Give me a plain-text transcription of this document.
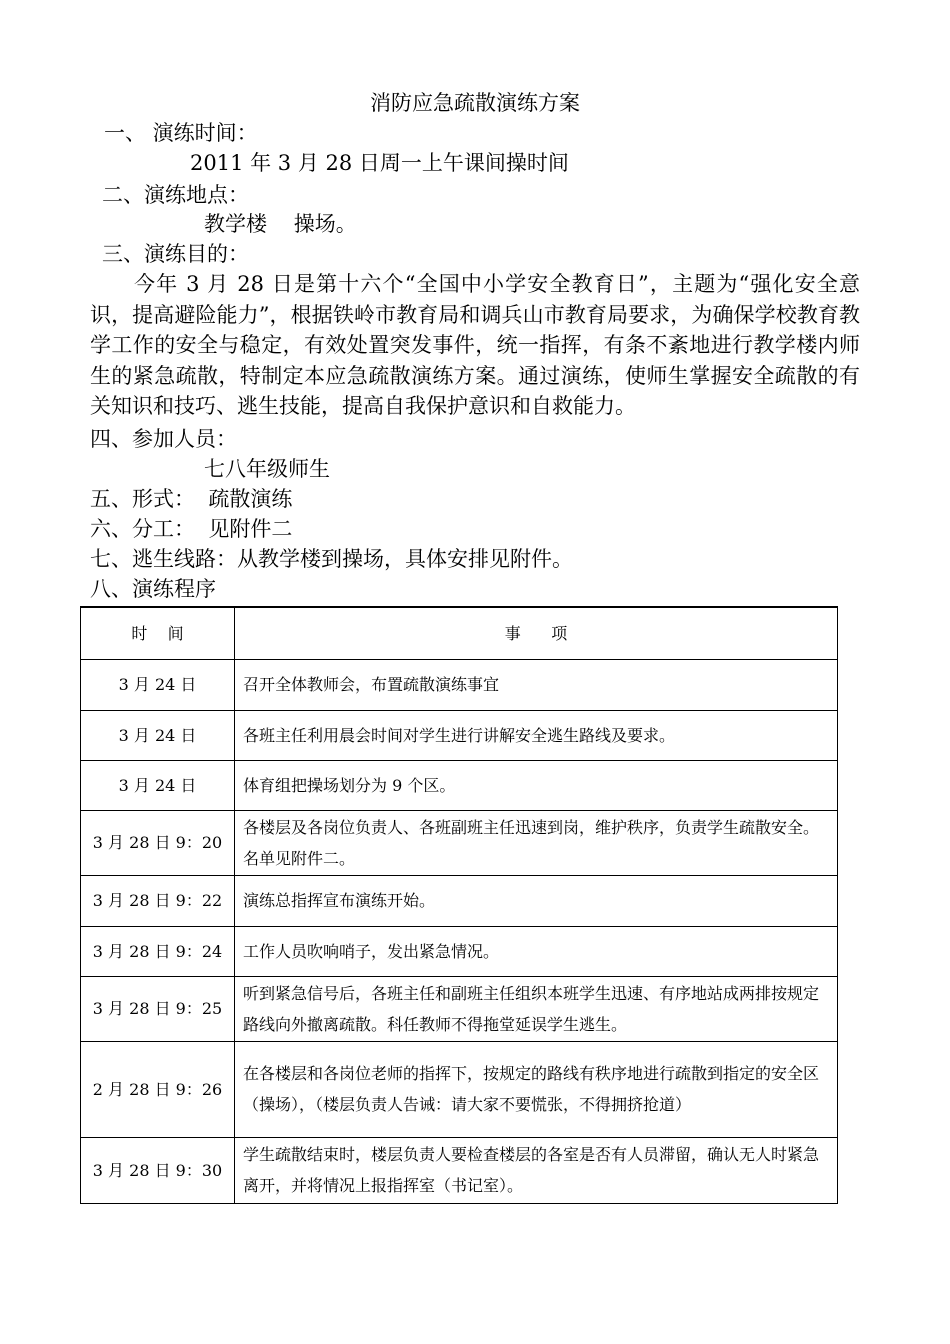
消防应急疏散演练方案
一、 演练时间：
2011 年 3 月 28 日周一上午课间操时间
二、演练地点：
教学楼    操场。
三、演练目的：
今年 3 月 28 日是第十六个“全国中小学安全教育日”，主题为“强化安全意识，提高避险能力”，根据铁岭市教育局和调兵山市教育局要求，为确保学校教育教学工作的安全与稳定，有效处置突发事件，统一指挥，有条不紊地进行教学楼内师生的紧急疏散，特制定本应急疏散演练方案。通过演练，使师生掌握安全疏散的有关知识和技巧、逃生技能，提高自我保护意识和自救能力。
四、参加人员：
七八年级师生
五、形式：  疏散演练
六、分工：  见附件二
七、逃生线路：从教学楼到操场，具体安排见附件。
八、演练程序
时    间	事      项
3 月 24 日	召开全体教师会，布置疏散演练事宜
3 月 24 日	各班主任利用晨会时间对学生进行讲解安全逃生路线及要求。
3 月 24 日	体育组把操场划分为 9 个区。
3 月 28 日 9：20	各楼层及各岗位负责人、各班副班主任迅速到岗，维护秩序，负责学生疏散安全。名单见附件二。
3 月 28 日 9：22	演练总指挥宣布演练开始。
3 月 28 日 9：24	工作人员吹响哨子，发出紧急情况。
3 月 28 日 9：25	听到紧急信号后，各班主任和副班主任组织本班学生迅速、有序地站成两排按规定路线向外撤离疏散。科任教师不得拖堂延误学生逃生。
2 月 28 日 9：26	在各楼层和各岗位老师的指挥下，按规定的路线有秩序地进行疏散到指定的安全区（操场），（楼层负责人告诫：请大家不要慌张，不得拥挤抢道）
3 月 28 日 9：30	学生疏散结束时，楼层负责人要检查楼层的各室是否有人员滞留，确认无人时紧急离开，并将情况上报指挥室（书记室）。
